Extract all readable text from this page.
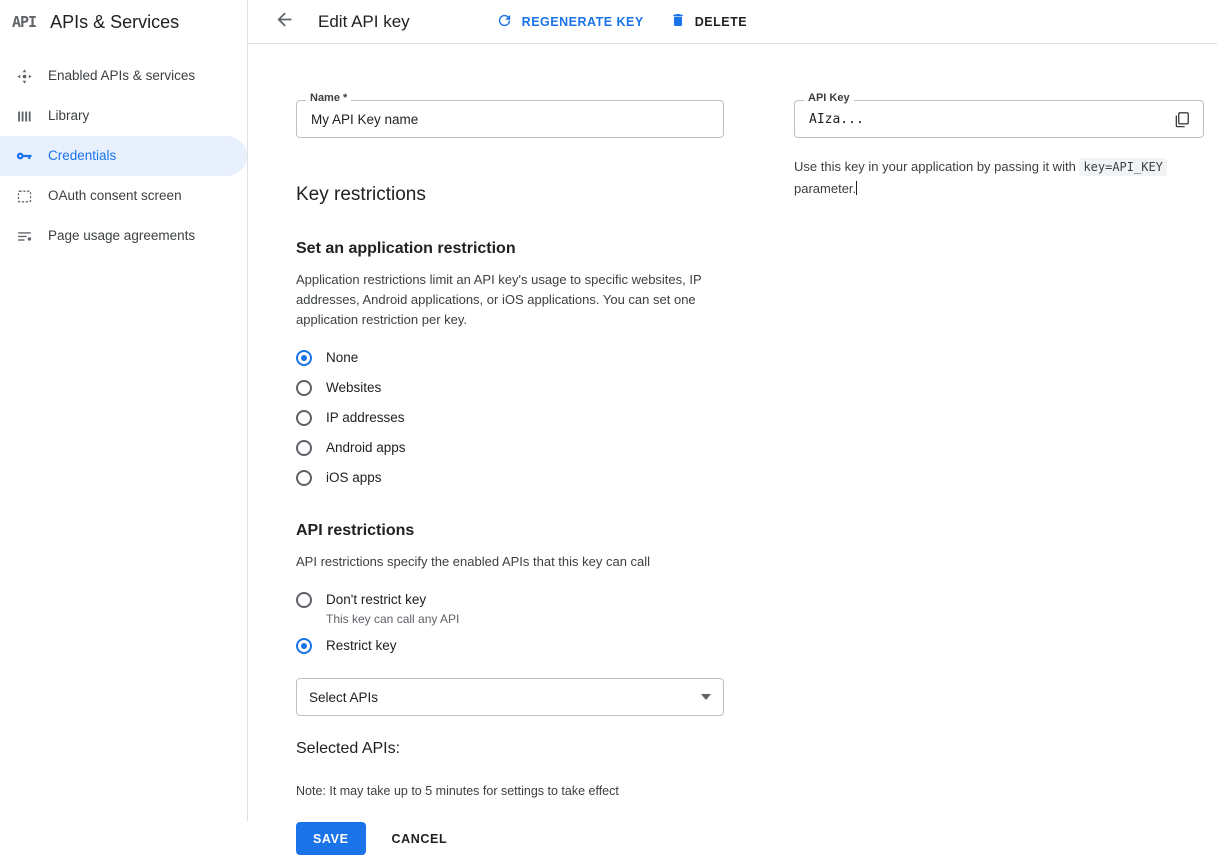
API APIs & Services
Enabled APIs & services
Library
Credentials
OAuth consent screen
Page usage agreements
Edit API key	REGENERATE KEY	DELETE
Name *
My API Key name
Key restrictions
Set an application restriction

Application restrictions limit an API key's usage to specific websites, IP addresses, Android applications, or iOS applications. You can set one application restriction per key.

None
Websites
IP addresses
Android apps
iOS apps
API restrictions

API restrictions specify the enabled APIs that this key can call

Don't restrict key
This key can call any API
Restrict key
Select APIs
Selected APIs:

Note: It may take up to 5 minutes for settings to take effect

SAVE	CANCEL
API Key
AIza...
Use this key in your application by passing it with key=API_KEY parameter.
